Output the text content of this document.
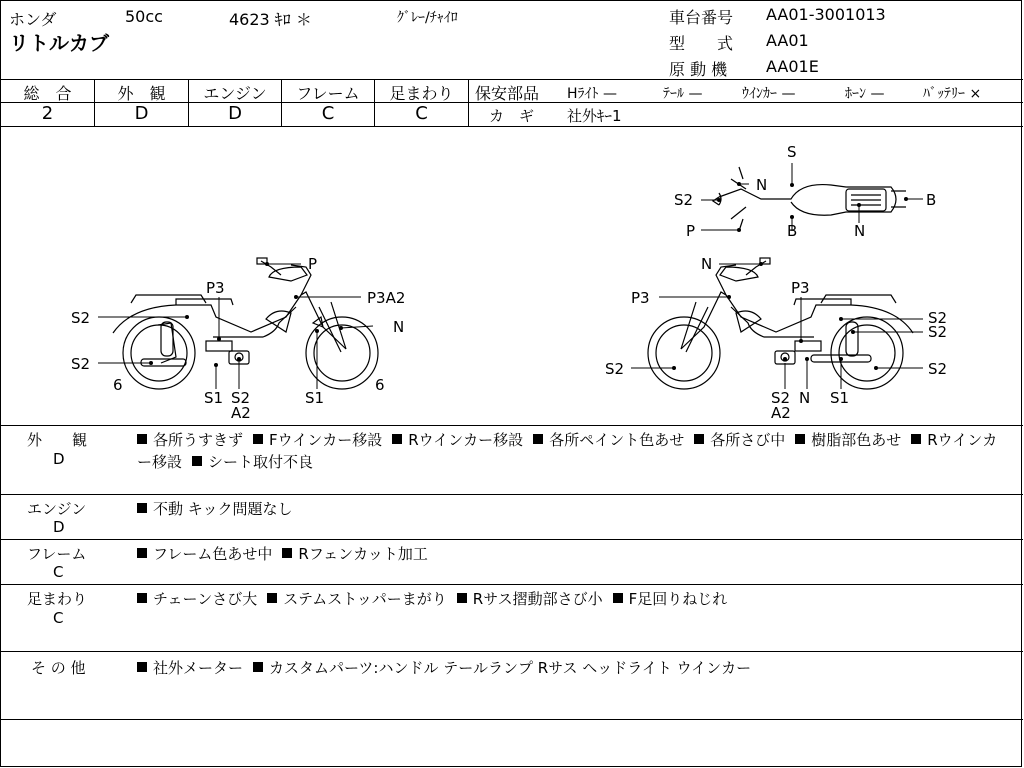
ホンダ	50cc	4623 ｷﾛ ＊	ｸﾞﾚｰ/ﾁｬｲﾛ
リトルカブ
車台番号 AA01-3001013
型　　式 AA01
原 動 機 AA01E
総　合	外　観	エンジン	フレーム	足まわり
2	D	D	C	C
保安部品 Hﾗｲﾄ —	ﾃｰﾙ —	ｳｲﾝｶｰ —	ﾎｰﾝ —	ﾊﾞｯﾃﾘｰ ×
カ　ギ 社外ｷｰ1
P
P3
P3A2
S2	N
S2
6
S1 S2
A2
S1
6
N
P3
P3
S2
S2
S2
S2
S2 N S1
A2
S
N
S2	B
P	B	N
外　　観
D
各所うすきず Fウインカー移設 Rウインカー移設 各所ペイント色あせ 各所さび中 樹脂部色あせ Rウインカー移設 シート取付不良
エンジン
D
不動 キック問題なし
フレーム
C
フレーム色あせ中 Rフェンカット加工
足まわり
C
チェーンさび大 ステムストッパーまがり Rサス摺動部さび小 F足回りねじれ
そ の 他	社外メーター カスタムパーツ:ハンドル テールランプ Rサス ヘッドライト ウインカー
